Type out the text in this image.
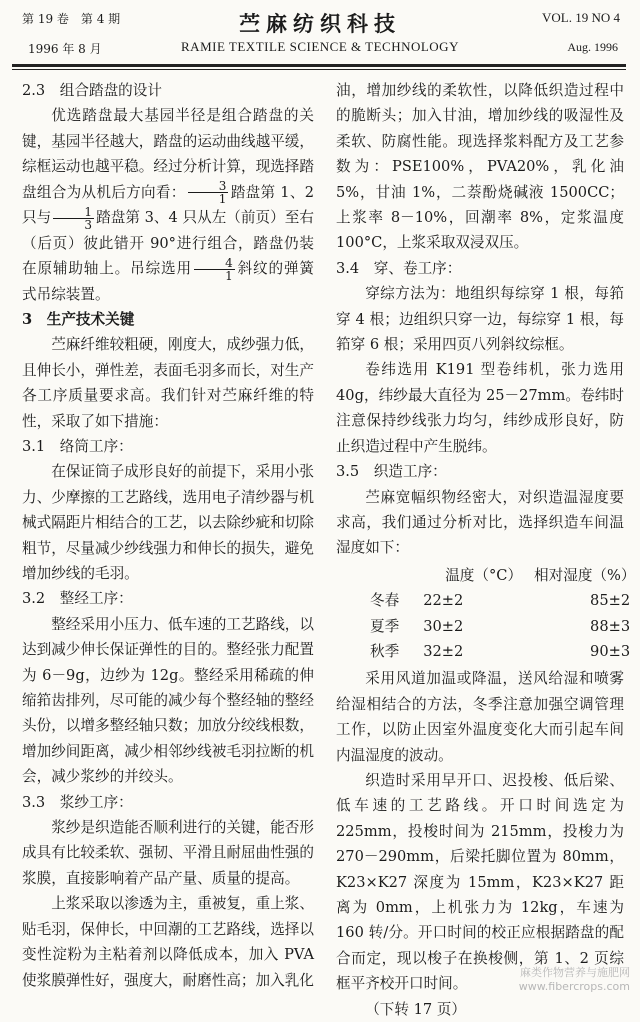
第 19 卷　第 4 期
1996 年 8 月
苎麻纺织科技
RAMIE TEXTILE SCIENCE & TECHNOLOGY
VOL. 19 NO 4
Aug. 1996
2.3　组合踏盘的设计

优选踏盘最大基园半径是组合踏盘的关键，基园半径越大，踏盘的运动曲线越平缓，综框运动也越平稳。经过分析计算，现选择踏盘组合为从机后方向看： $\frac{3}{1}$ 踏盘第 1、2 只与 $\frac{1}{3}$ 踏盘第 3、4 只从左（前页）至右（后页）彼此错开 90°进行组合，踏盘仍装在原辅助轴上。吊综选用 $\frac{4}{1}$ 斜纹的弹簧式吊综装置。

3　生产技术关键

苎麻纤维较粗硬，刚度大，成纱强力低，且伸长小，弹性差，表面毛羽多而长，对生产各工序质量要求高。我们针对苎麻纤维的特性，采取了如下措施：

3.1　络筒工序：

在保证筒子成形良好的前提下，采用小张力、少摩擦的工艺路线，选用电子清纱器与机械式隔距片相结合的工艺，以去除纱疵和切除粗节，尽量减少纱线强力和伸长的损失，避免增加纱线的毛羽。

3.2　整经工序：

整经采用小压力、低车速的工艺路线，以达到减少伸长保证弹性的目的。整经张力配置为 6－9g，边纱为 12g。整经采用稀疏的伸缩筘齿排列，尽可能的减少每个整经轴的整经头份，以增多整经轴只数；加放分绞线根数，增加纱间距离，减少相邻纱线被毛羽拉断的机会，减少浆纱的并绞头。

3.3　浆纱工序：

浆纱是织造能否顺利进行的关键，能否形成具有比较柔软、强韧、平滑且耐屈曲性强的浆膜，直接影响着产品产量、质量的提高。

上浆采取以渗透为主，重被复，重上浆、贴毛羽，保伸长，中回潮的工艺路线，选择以变性淀粉为主粘着剂以降低成本，加入 PVA 使浆膜弹性好，强度大，耐磨性高；加入乳化

油，增加纱线的柔软性，以降低织造过程中的脆断头；加入甘油，增加纱线的吸湿性及柔软、防腐性能。现选择浆料配方及工艺参数为：PSE100%，PVA20%，乳化油 5%，甘油 1%，二萘酚烧碱液 1500CC；上浆率 8－10%，回潮率 8%，定浆温度 100°C，上浆采取双浸双压。

3.4　穿、卷工序：

穿综方法为：地组织每综穿 1 根，每筘穿 4 根；边组织只穿一边，每综穿 1 根，每筘穿 6 根；采用四页八列斜纹综框。

卷纬选用 K191 型卷纬机，张力选用 40g，纬纱最大直径为 25－27mm。卷纬时注意保持纱线张力均匀，纬纱成形良好，防止织造过程中产生脱纬。

3.5　织造工序：

苎麻宽幅织物经密大，对织造温湿度要求高，我们通过分析对比，选择织造车间温湿度如下：

	温度（°C）	相对湿度（%）
冬春	22±2	85±2
夏季	30±2	88±3
秋季	32±2	90±3

采用风道加温或降温，送风给湿和喷雾给湿相结合的方法，冬季注意加强空调管理工作，以防止因室外温度变化大而引起车间内温湿度的波动。

织造时采用早开口、迟投梭、低后梁、低车速的工艺路线。开口时间选定为 225mm，投梭时间为 215mm，投梭力为 270－290mm，后梁托脚位置为 80mm，K23×K27 深度为 15mm，K23×K27 距离为 0mm，上机张力为 12kg，车速为 160 转/分。开口时间的校正应根据踏盘的配合而定，现以梭子在换梭侧，第 1、2 页综框平齐校开口时间。

（下转 17 页）

麻类作物营养与施肥网
www.fibercrops.com
